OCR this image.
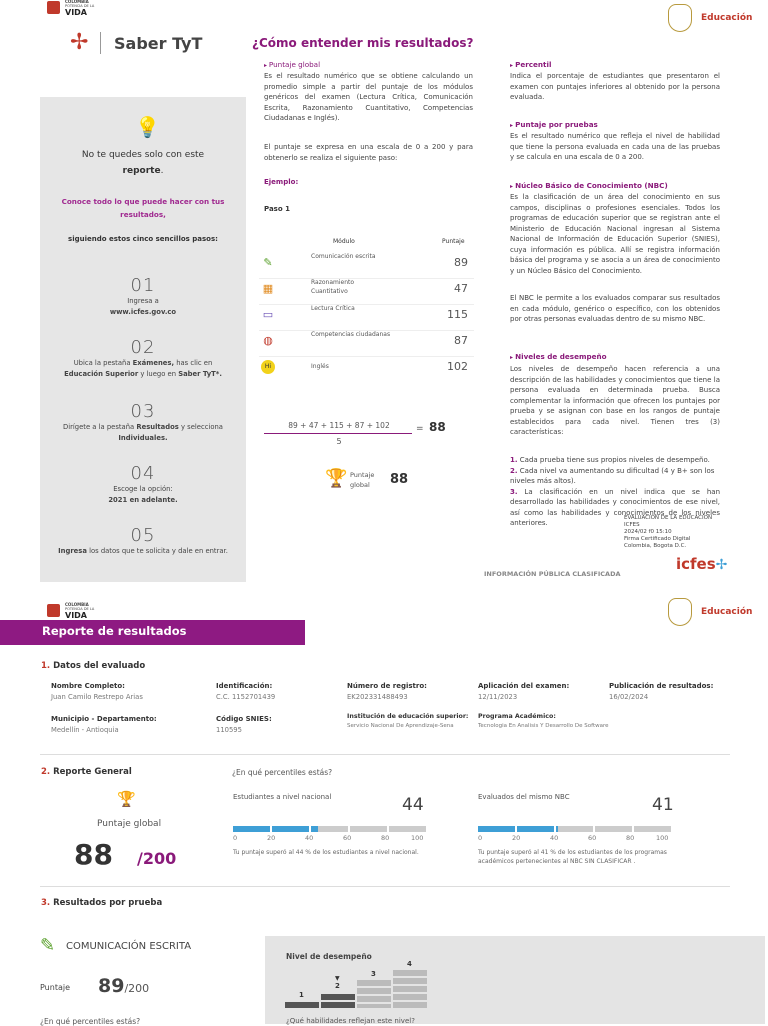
COLOMBIA
POTENCIA DE LA
VIDA
Educación
✢ Saber TyT	¿Cómo entender mis resultados?
💡
No te quedes solo con este
reporte.
Conoce todo lo que puede hacer con tus resultados,
siguiendo estos cinco sencillos pasos:
01
Ingresa a
www.icfes.gov.co
02
Ubica la pestaña Exámenes, has clic en
Educación Superior y luego en Saber TyT*.
03
Dirígete a la pestaña Resultados y selecciona Individuales.
04
Escoge la opción:
2021 en adelante.
05
Ingresa los datos que te solicita y dale en entrar.
▸ Puntaje global
Es el resultado numérico que se obtiene calculando un promedio simple a partir del puntaje de los módulos genéricos del examen (Lectura Crítica, Comunicación Escrita, Razonamiento Cuantitativo, Competencias Ciudadanas e Inglés).
El puntaje se expresa en una escala de 0 a 200 y para obtenerlo se realiza el siguiente paso:
Ejemplo:
Paso 1
Módulo	Puntaje
✎	Comunicación escrita	89
▦	Razonamiento Cuantitativo	47
▭	Lectura Crítica	115
◍	Competencias ciudadanas	87
Hi	Inglés	102
89 + 47 + 115 + 87 + 102
5
= 88
🏆 Puntaje global	88
▸ Percentil
Indica el porcentaje de estudiantes que presentaron el examen con puntajes inferiores al obtenido por la persona evaluada.
▸ Puntaje por pruebas
Es el resultado numérico que refleja el nivel de habilidad que tiene la persona evaluada en cada una de las pruebas y se calcula en una escala de 0 a 200.
▸ Núcleo Básico de Conocimiento (NBC)
Es la clasificación de un área del conocimiento en sus campos, disciplinas o profesiones esenciales. Todos los programas de educación superior que se registran ante el Ministerio de Educación Nacional ingresan al Sistema Nacional de Información de Educación Superior (SNIES), cuya información es pública. Allí se registra información básica del programa y se asocia a un área de conocimiento y un Núcleo Básico del Conocimiento.
El NBC le permite a los evaluados comparar sus resultados en cada módulo, genérico o específico, con los obtenidos por otras personas evaluadas dentro de su mismo NBC.
▸ Niveles de desempeño
Los niveles de desempeño hacen referencia a una descripción de las habilidades y conocimientos que tiene la persona evaluada en determinada prueba. Busca complementar la información que ofrecen los puntajes por prueba y se asignan con base en los rangos de puntaje establecidos para cada nivel. Tienen tres (3) características:
1. Cada prueba tiene sus propios niveles de desempeño.
2. Cada nivel va aumentando su dificultad (4 y B+ son los niveles más altos).
3. La clasificación en un nivel indica que se han desarrollado las habilidades y conocimientos de ese nivel, así como las habilidades y conocimientos de los niveles anteriores.
EVALUACION DE LA EDUCACION
ICFES
2024/02 f0 15:10
Firma Certificado Digital
Colombia, Bogota D.C.
INFORMACIÓN PÚBLICA CLASIFICADA
icfes✢
COLOMBIA
POTENCIA DE LA
VIDA	Educación
Reporte de resultados
1. Datos del evaluado
Nombre Completo:
Juan Camilo Restrepo Arias
Identificación:
C.C. 1152701439
Número de registro:
EK202331488493
Aplicación del examen:
12/11/2023
Publicación de resultados:
16/02/2024
Municipio - Departamento:
Medellín - Antioquia
Código SNIES:
110595
Institución de educación superior:
Servicio Nacional De Aprendizaje-Sena
Programa Académico:
Tecnologia En Analisis Y Desarrollo De Software
2. Reporte General
🏆
Puntaje global
88 /200
¿En qué percentiles estás?
Estudiantes a nivel nacional	44
0	20	40	60	80	100
Tu puntaje superó al 44 % de los estudiantes a nivel nacional.
Evaluados del mismo NBC	41
0	20	40	60	80	100
Tu puntaje superó al 41 % de los estudiantes de los programas académicos pertenecientes al NBC SIN CLASIFICAR .
3. Resultados por prueba
✎ COMUNICACIÓN ESCRITA
Puntaje 89/200
¿En qué percentiles estás?
Nivel de desempeño
1
2
▼
3
4
¿Qué habilidades reflejan este nivel?
